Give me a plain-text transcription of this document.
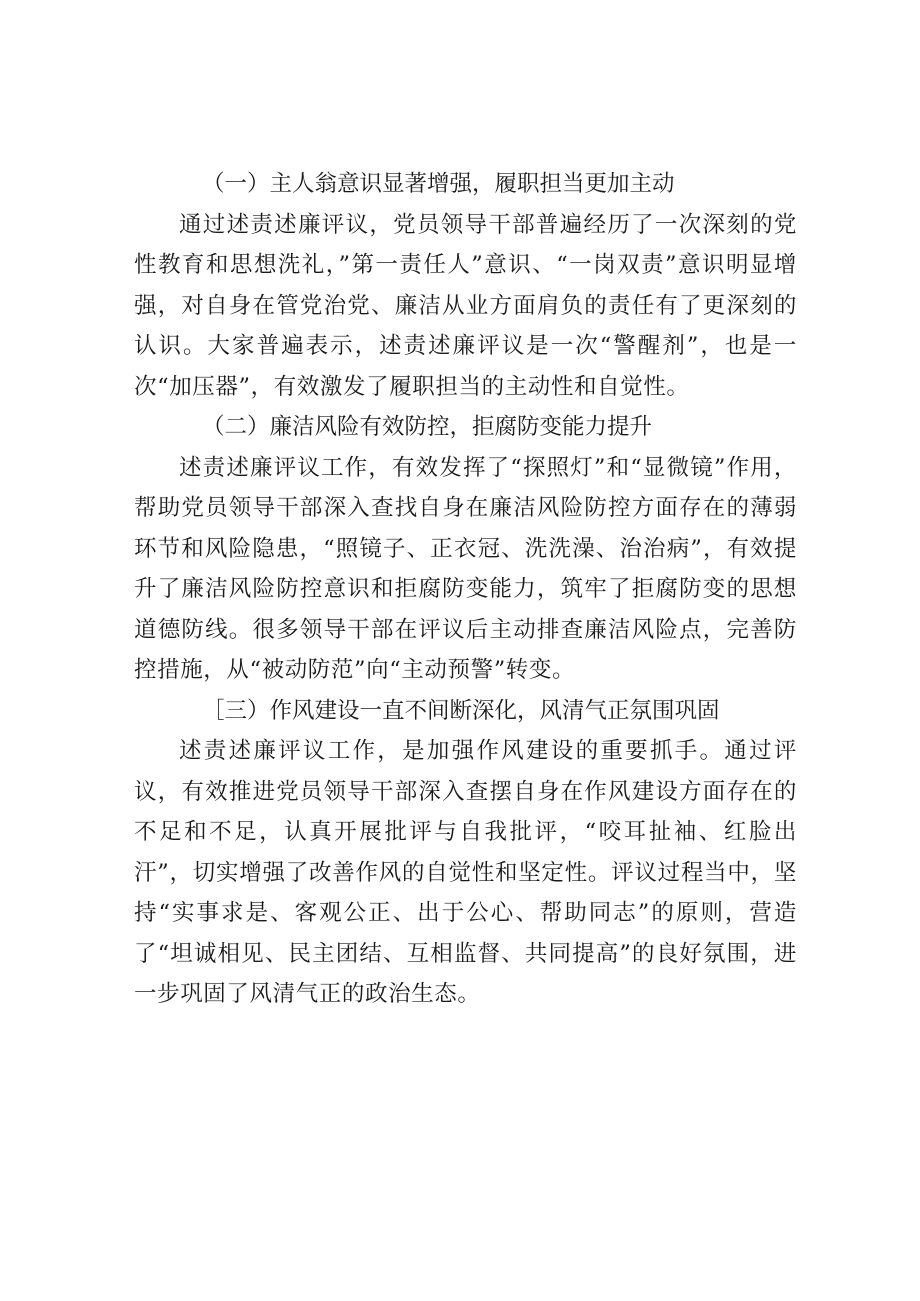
（一）主人翁意识显著增强，履职担当更加主动

通过述责述廉评议，党员领导干部普遍经历了一次深刻的党性教育和思想洗礼，”第一责任人”意识、“一岗双责”意识明显增强，对自身在管党治党、廉洁从业方面肩负的责任有了更深刻的认识。大家普遍表示，述责述廉评议是一次“警醒剂”，也是一次“加压器”，有效激发了履职担当的主动性和自觉性。

（二）廉洁风险有效防控，拒腐防变能力提升

述责述廉评议工作，有效发挥了“探照灯”和“显微镜”作用，帮助党员领导干部深入查找自身在廉洁风险防控方面存在的薄弱环节和风险隐患，“照镜子、正衣冠、洗洗澡、治治病”，有效提升了廉洁风险防控意识和拒腐防变能力，筑牢了拒腐防变的思想道德防线。很多领导干部在评议后主动排查廉洁风险点，完善防控措施，从“被动防范”向“主动预警”转变。

［三）作风建设一直不间断深化，风清气正氛围巩固

述责述廉评议工作，是加强作风建设的重要抓手。通过评议，有效推进党员领导干部深入查摆自身在作风建设方面存在的不足和不足，认真开展批评与自我批评，“咬耳扯袖、红脸出汗”，切实增强了改善作风的自觉性和坚定性。评议过程当中，坚持“实事求是、客观公正、出于公心、帮助同志”的原则，营造了“坦诚相见、民主团结、互相监督、共同提高”的良好氛围，进一步巩固了风清气正的政治生态。
